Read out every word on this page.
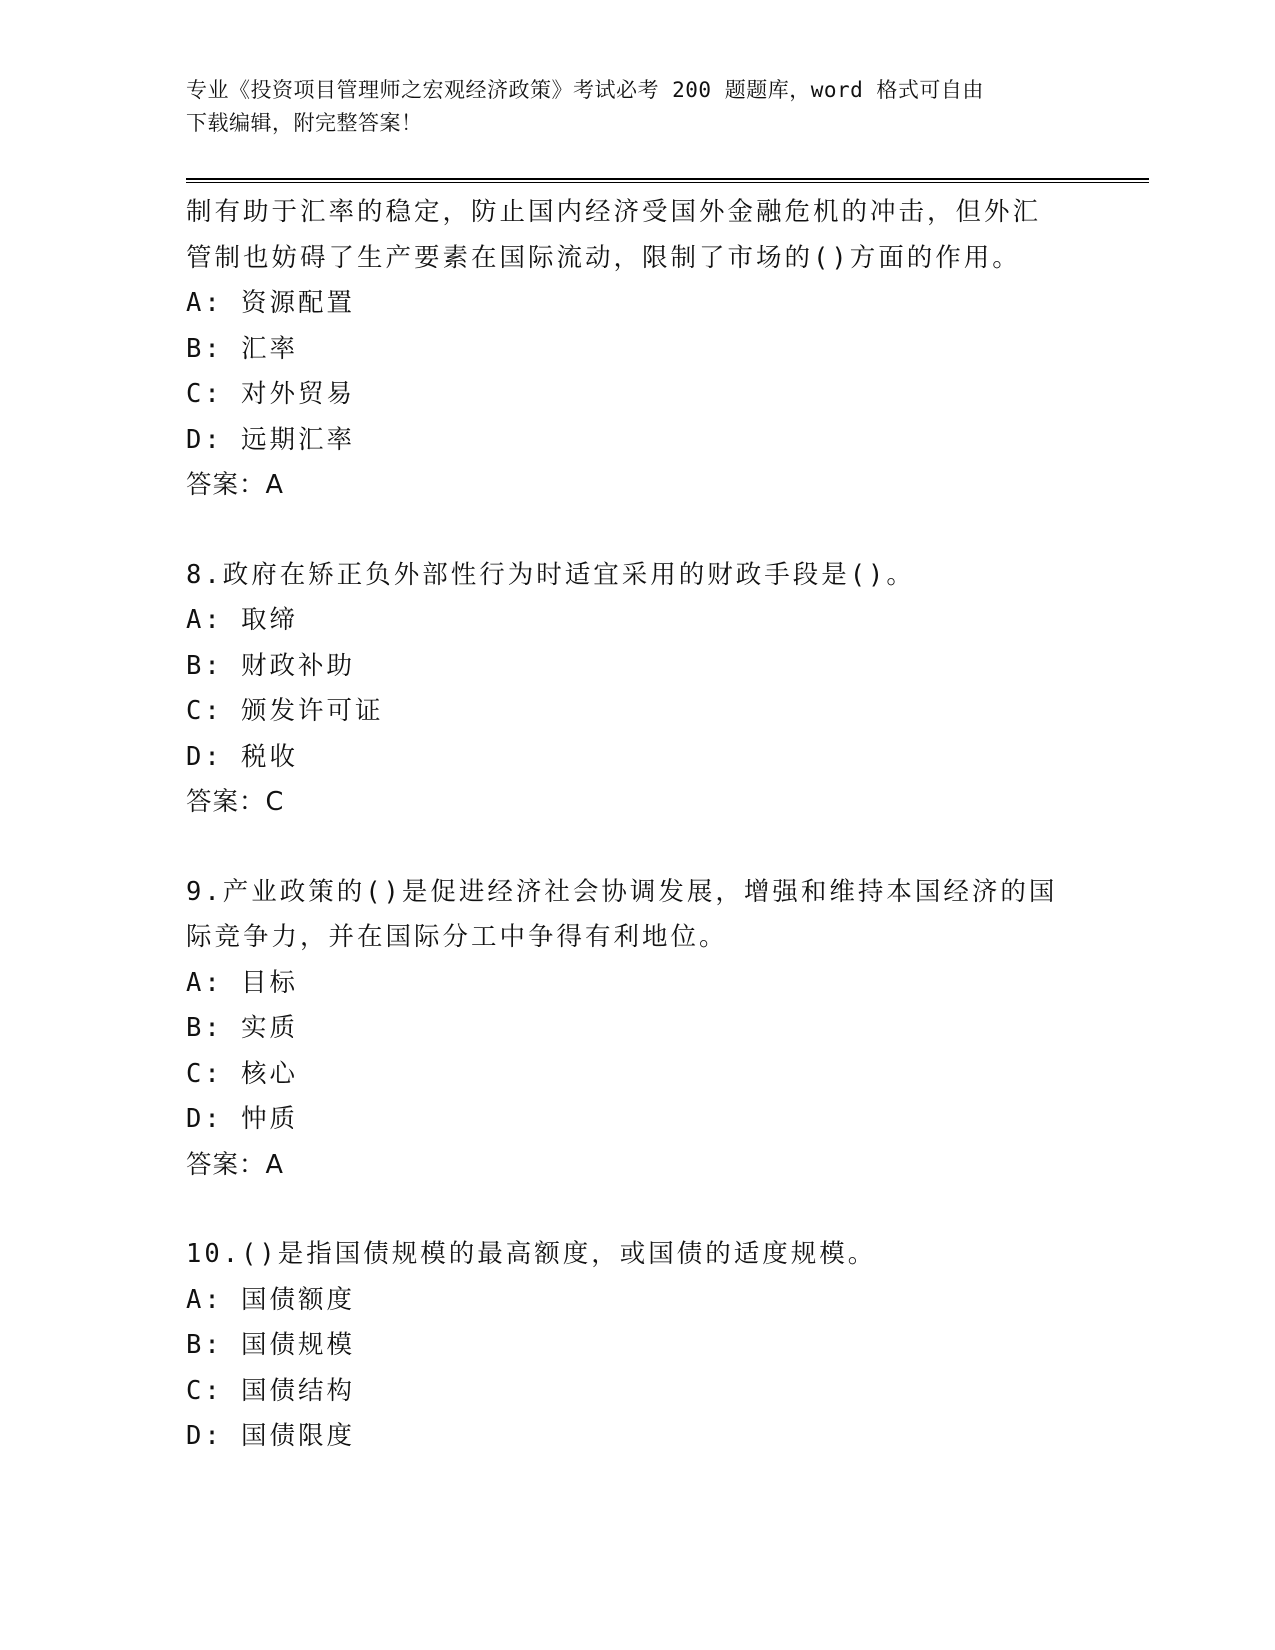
专业《投资项目管理师之宏观经济政策》考试必考 200 题题库，word 格式可自由
下载编辑，附完整答案！
制有助于汇率的稳定，防止国内经济受国外金融危机的冲击，但外汇
管制也妨碍了生产要素在国际流动，限制了市场的()方面的作用。
A: 资源配置
B: 汇率
C: 对外贸易
D: 远期汇率
答案：A
8.政府在矫正负外部性行为时适宜采用的财政手段是()。
A: 取缔
B: 财政补助
C: 颁发许可证
D: 税收
答案：C
9.产业政策的()是促进经济社会协调发展，增强和维持本国经济的国
际竞争力，并在国际分工中争得有利地位。
A: 目标
B: 实质
C: 核心
D: 忡质
答案：A
10.()是指国债规模的最高额度，或国债的适度规模。
A: 国债额度
B: 国债规模
C: 国债结构
D: 国债限度
